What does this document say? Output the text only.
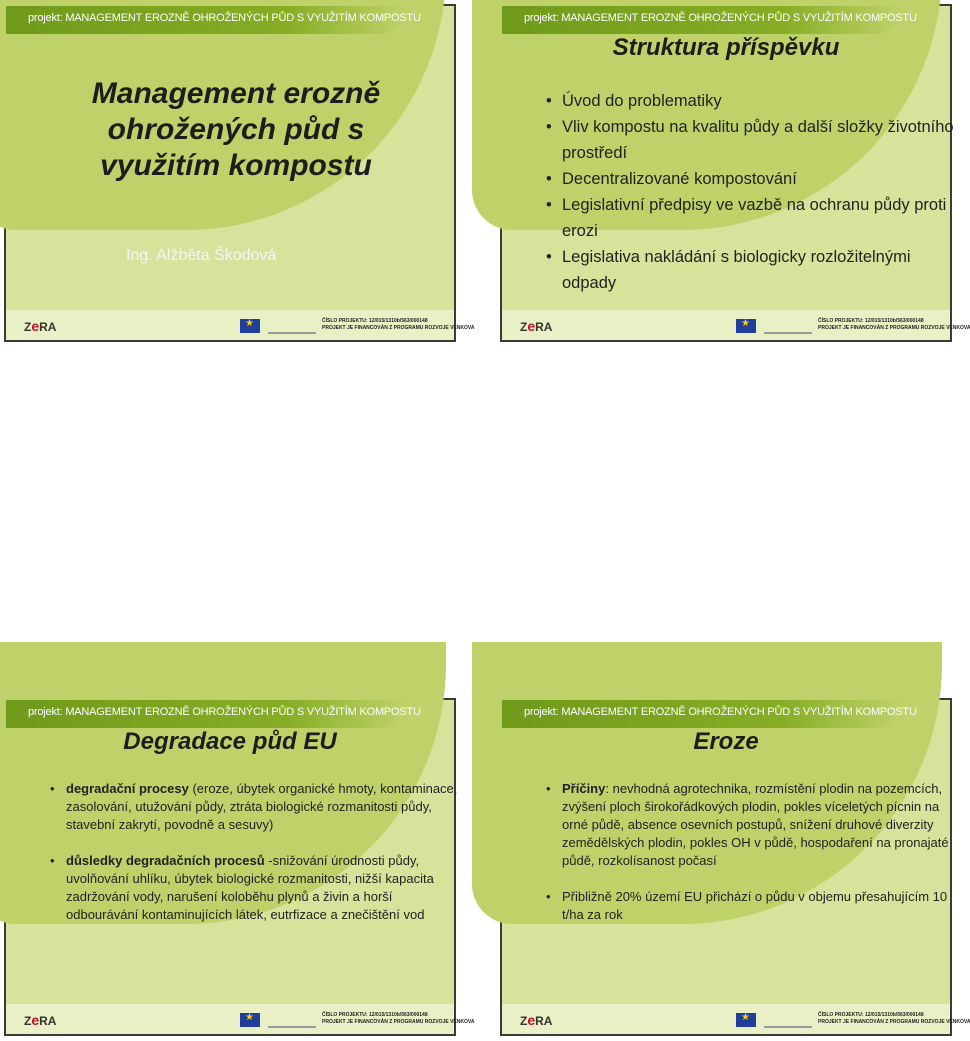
projekt: MANAGEMENT EROZNĚ OHROŽENÝCH PŮD S VYUŽITÍM KOMPOSTU
Management erozně ohrožených půd s využitím kompostu
Ing. Alžběta Škodová
ZeRA ★	ČÍSLO PROJEKTU: 12/015/1310b/563/000148
PROJEKT JE FINANCOVÁN Z PROGRAMU ROZVOJE VENKOVA
projekt: MANAGEMENT EROZNĚ OHROŽENÝCH PŮD S VYUŽITÍM KOMPOSTU
Struktura příspěvku
• Úvod do problematiky
• Vliv kompostu na kvalitu půdy a další složky životního prostředí
• Decentralizované kompostování
• Legislativní předpisy ve vazbě na ochranu půdy proti erozi
• Legislativa nakládání s biologicky rozložitelnými odpady
ZeRA ★	ČÍSLO PROJEKTU: 12/015/1310b/563/000148
PROJEKT JE FINANCOVÁN Z PROGRAMU ROZVOJE VENKOVA
projekt: MANAGEMENT EROZNĚ OHROŽENÝCH PŮD S VYUŽITÍM KOMPOSTU
Degradace půd EU
• degradační procesy (eroze, úbytek organické hmoty, kontaminace, zasolování, utužování půdy, ztráta biologické rozmanitosti půdy, stavební zakrytí, povodně a sesuvy)
• důsledky degradačních procesů -snižování úrodnosti půdy, uvolňování uhlíku, úbytek biologické rozmanitosti, nižší kapacita zadržování vody, narušení koloběhu plynů a živin a horší odbourávání kontaminujících látek, eutrfizace a znečištění vod
ZeRA ★	ČÍSLO PROJEKTU: 12/015/1310b/563/000148
PROJEKT JE FINANCOVÁN Z PROGRAMU ROZVOJE VENKOVA
projekt: MANAGEMENT EROZNĚ OHROŽENÝCH PŮD S VYUŽITÍM KOMPOSTU
Eroze
• Příčiny: nevhodná agrotechnika, rozmístění plodin na pozemcích, zvýšení ploch širokořádkových plodin, pokles víceletých pícnin na orné půdě, absence osevních postupů, snížení druhové diverzity zemědělských plodin, pokles OH v půdě, hospodaření na pronajaté půdě, rozkolísanost počasí
• Přibližně 20% území EU přichází o půdu v objemu přesahujícím 10 t/ha za rok
ZeRA ★	ČÍSLO PROJEKTU: 12/015/1310b/563/000148
PROJEKT JE FINANCOVÁN Z PROGRAMU ROZVOJE VENKOVA
